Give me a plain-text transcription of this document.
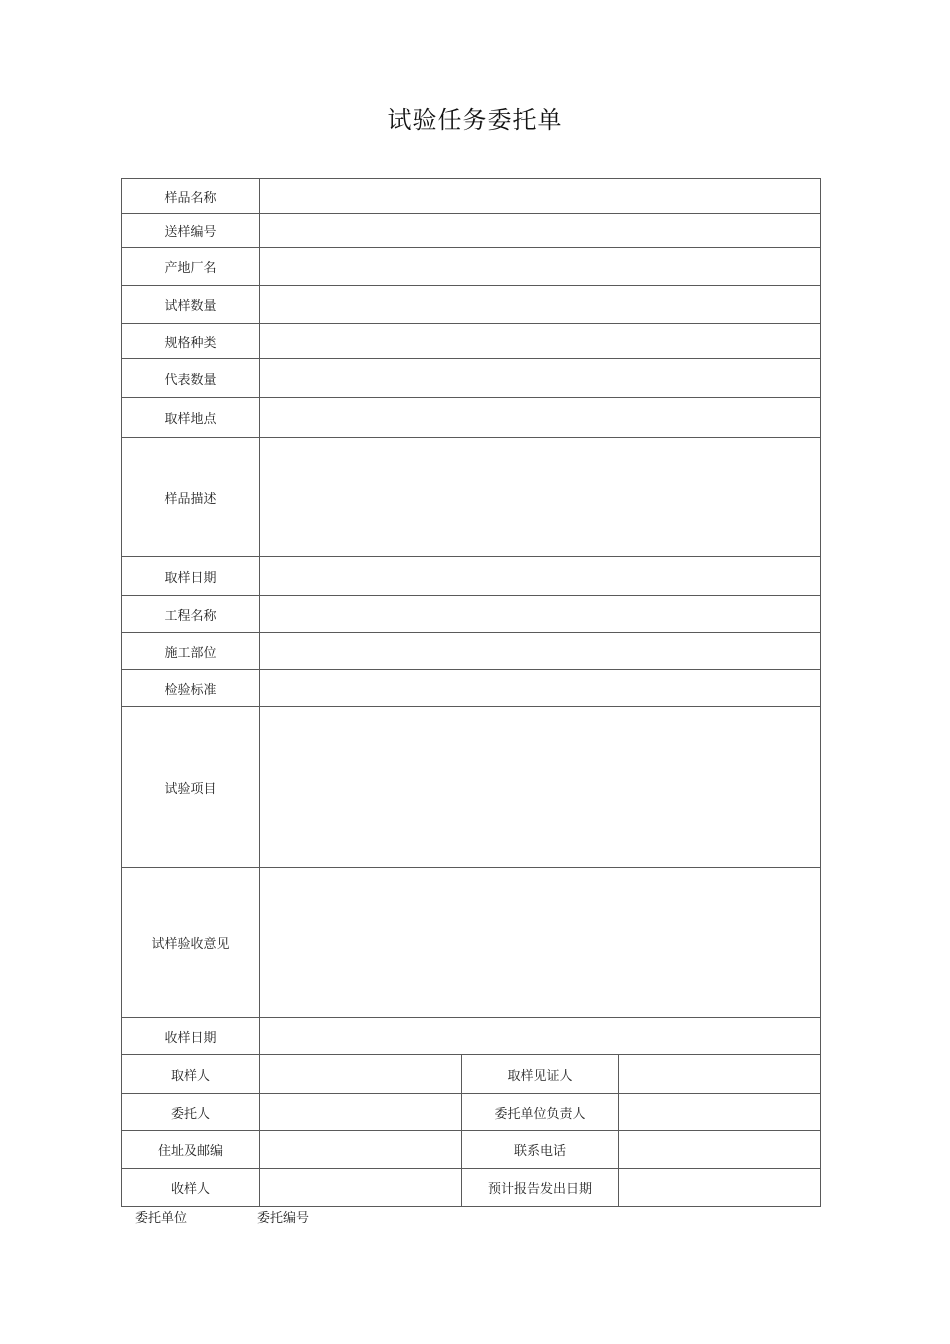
试验任务委托单
样品名称			
送样编号			
产地厂名			
试样数量			
规格种类			
代表数量			
取样地点			
样品描述			
取样日期			
工程名称			
施工部位			
检验标准			
试验项目			
试样验收意见			
收样日期			
取样人		取样见证人	
委托人		委托单位负责人	
住址及邮编		联系电话	
收样人		预计报告发出日期	
委托单位	委托编号
